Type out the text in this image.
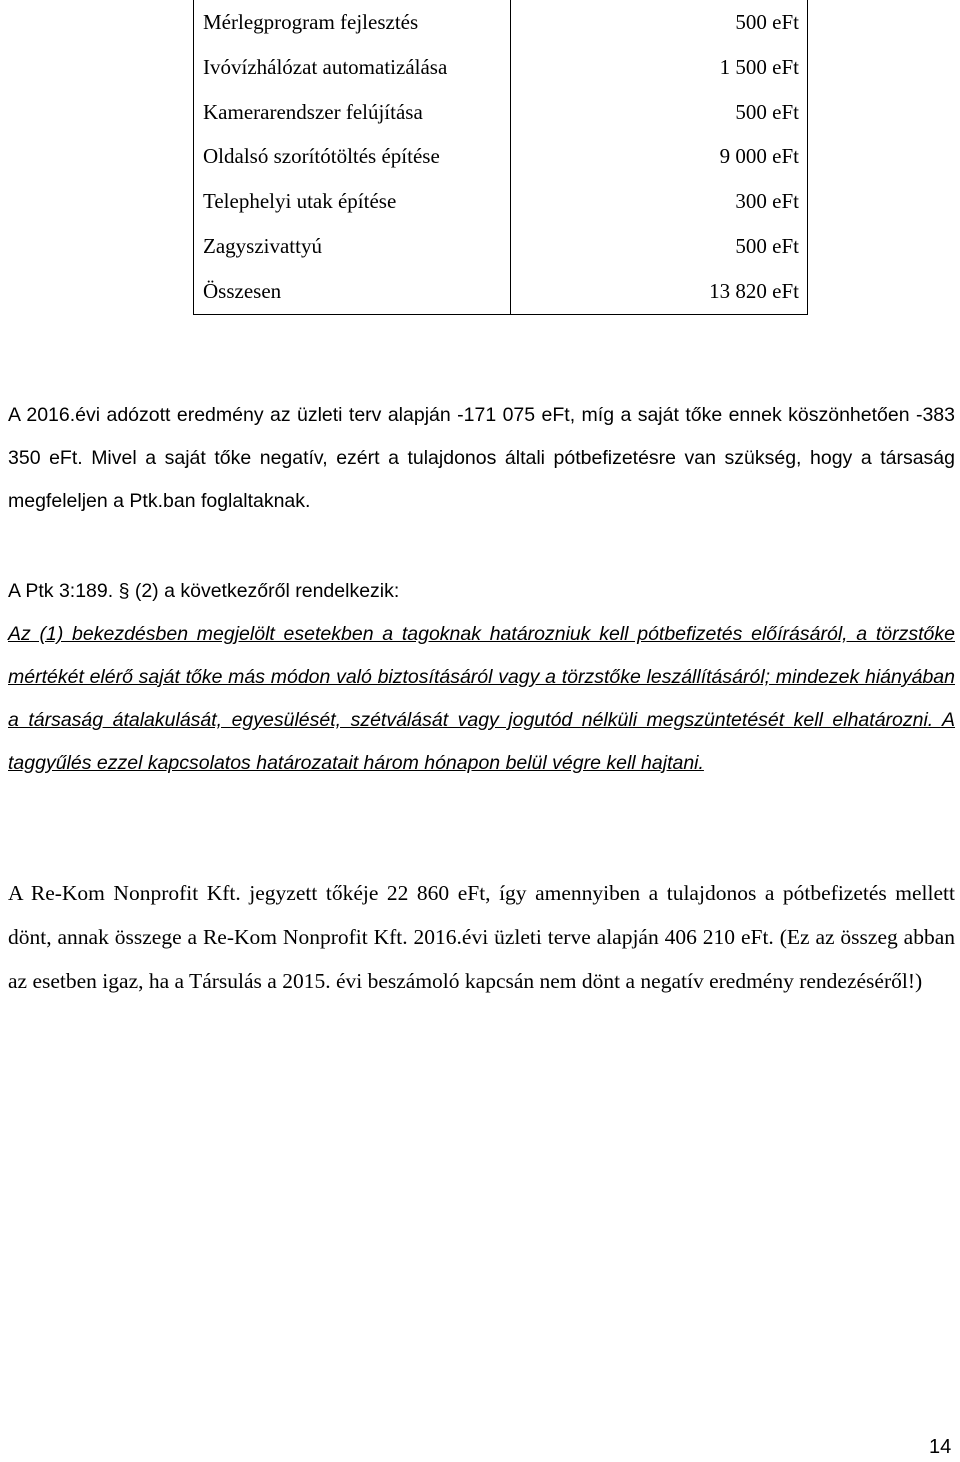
Mérlegprogram fejlesztés	500 eFt
Ivóvízhálózat automatizálása	1 500 eFt
Kamerarendszer felújítása	500 eFt
Oldalsó szorítótöltés építése	9 000 eFt
Telephelyi utak építése	300 eFt
Zagyszivattyú	500 eFt
Összesen	13 820 eFt

A 2016.évi adózott eredmény az üzleti terv alapján -171 075 eFt, míg a saját tőke ennek köszönhetően -383 350 eFt. Mivel a saját tőke negatív, ezért a tulajdonos általi pótbefizetésre van szükség, hogy a társaság megfeleljen a Ptk.ban foglaltaknak.

A Ptk 3:189. § (2) a következőről rendelkezik:

Az (1) bekezdésben megjelölt esetekben a tagoknak határozniuk kell pótbefizetés előírásáról, a törzstőke mértékét elérő saját tőke más módon való biztosításáról vagy a törzstőke leszállításáról; mindezek hiányában a társaság átalakulását, egyesülését, szétválását vagy jogutód nélküli megszüntetését kell elhatározni. A taggyűlés ezzel kapcsolatos határozatait három hónapon belül végre kell hajtani.

A Re-Kom Nonprofit Kft. jegyzett tőkéje 22 860 eFt, így amennyiben a tulajdonos a pótbefizetés mellett dönt, annak összege a Re-Kom Nonprofit Kft. 2016.évi üzleti terve alapján 406 210 eFt. (Ez az összeg abban az esetben igaz, ha a Társulás a 2015. évi beszámoló kapcsán nem dönt a negatív eredmény rendezéséről!)

14
